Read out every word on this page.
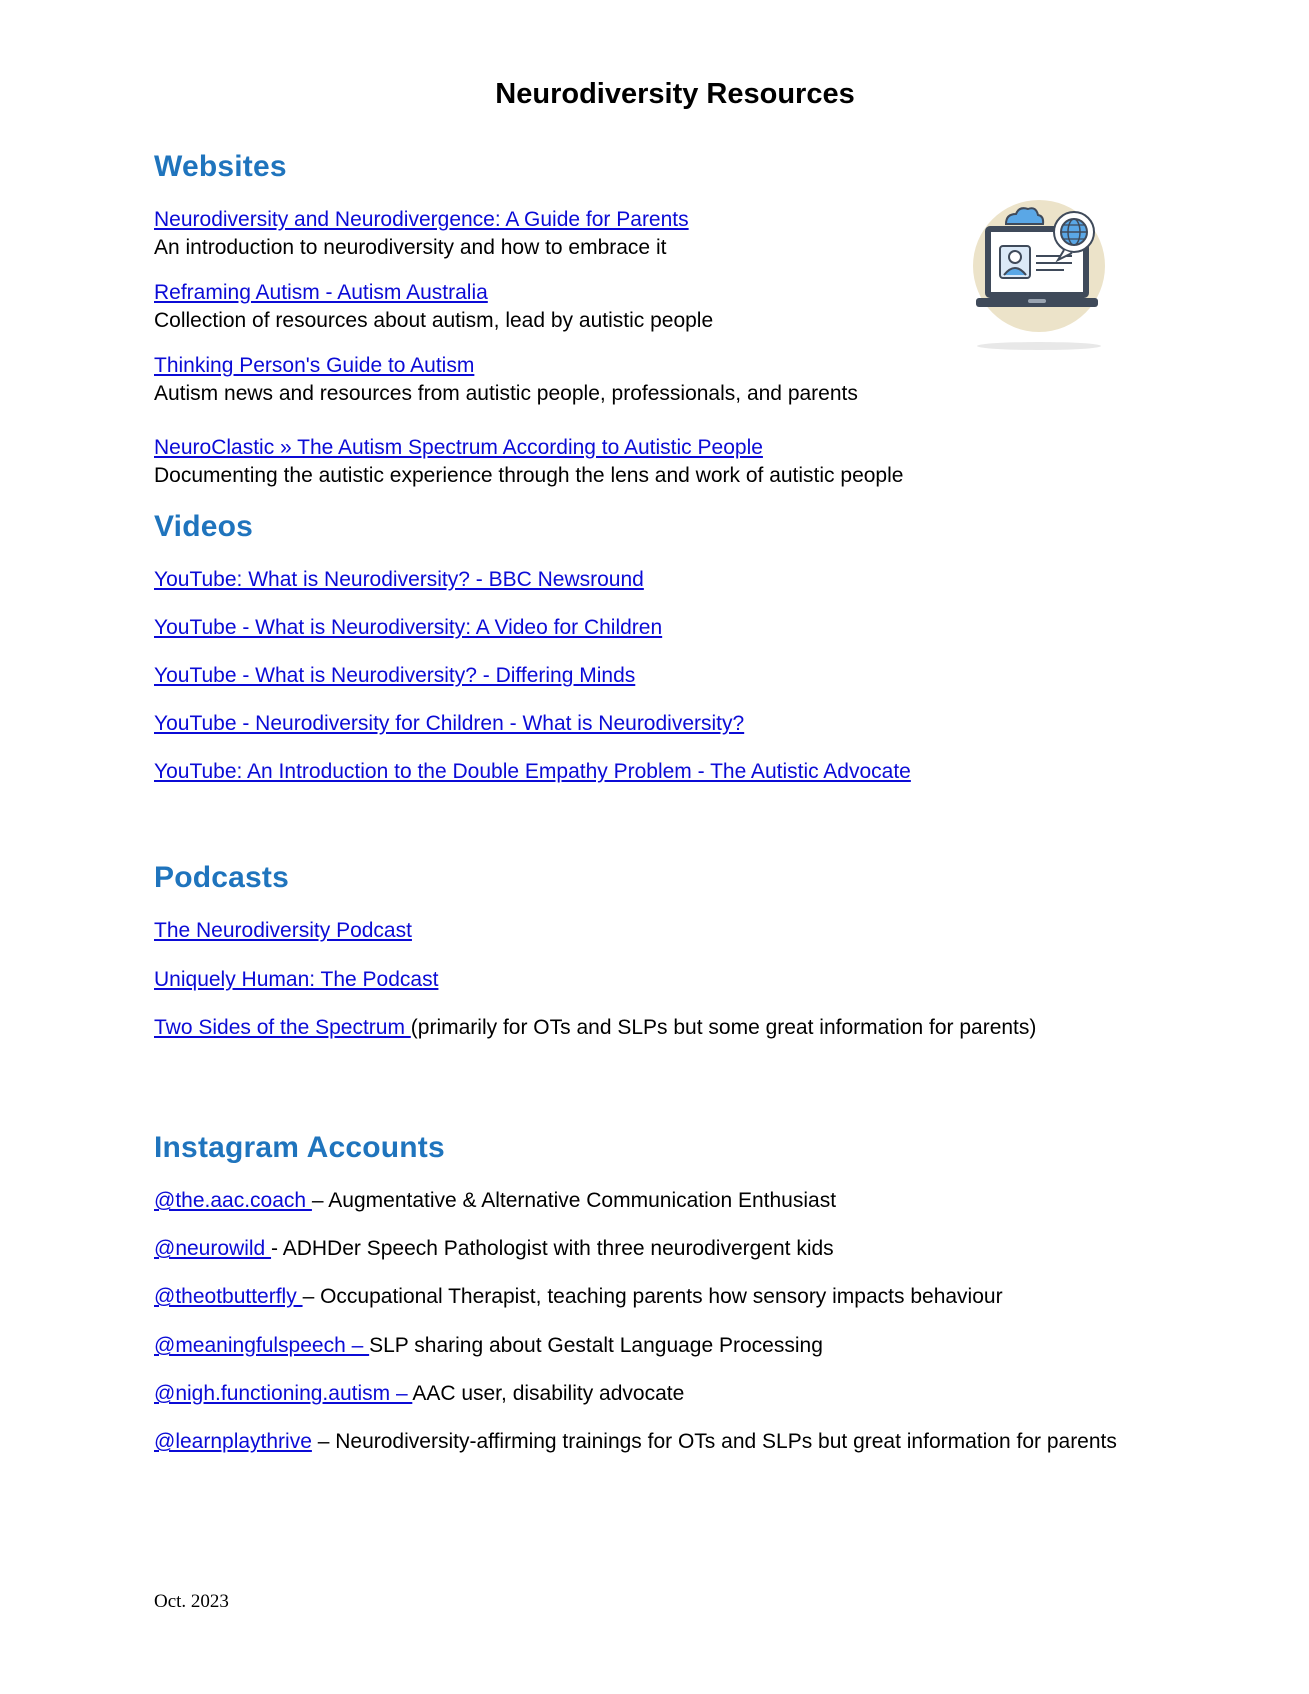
Neurodiversity Resources
Websites
Neurodiversity and Neurodivergence: A Guide for Parents
An introduction to neurodiversity and how to embrace it
Reframing Autism - Autism Australia
Collection of resources about autism, lead by autistic people
Thinking Person's Guide to Autism
Autism news and resources from autistic people, professionals, and parents
NeuroClastic » The Autism Spectrum According to Autistic People
Documenting the autistic experience through the lens and work of autistic people
Videos
YouTube: What is Neurodiversity? - BBC Newsround
YouTube - What is Neurodiversity: A Video for Children
YouTube - What is Neurodiversity? - Differing Minds
YouTube - Neurodiversity for Children - What is Neurodiversity?
YouTube: An Introduction to the Double Empathy Problem - The Autistic Advocate
Podcasts
The Neurodiversity Podcast
Uniquely Human: The Podcast
Two Sides of the Spectrum (primarily for OTs and SLPs but some great information for parents)
Instagram Accounts
@the.aac.coach – Augmentative & Alternative Communication Enthusiast
@neurowild - ADHDer Speech Pathologist with three neurodivergent kids
@theotbutterfly – Occupational Therapist, teaching parents how sensory impacts behaviour
@meaningfulspeech – SLP sharing about Gestalt Language Processing
@nigh.functioning.autism – AAC user, disability advocate
@learnplaythrive – Neurodiversity-affirming trainings for OTs and SLPs but great information for parents
Oct. 2023
